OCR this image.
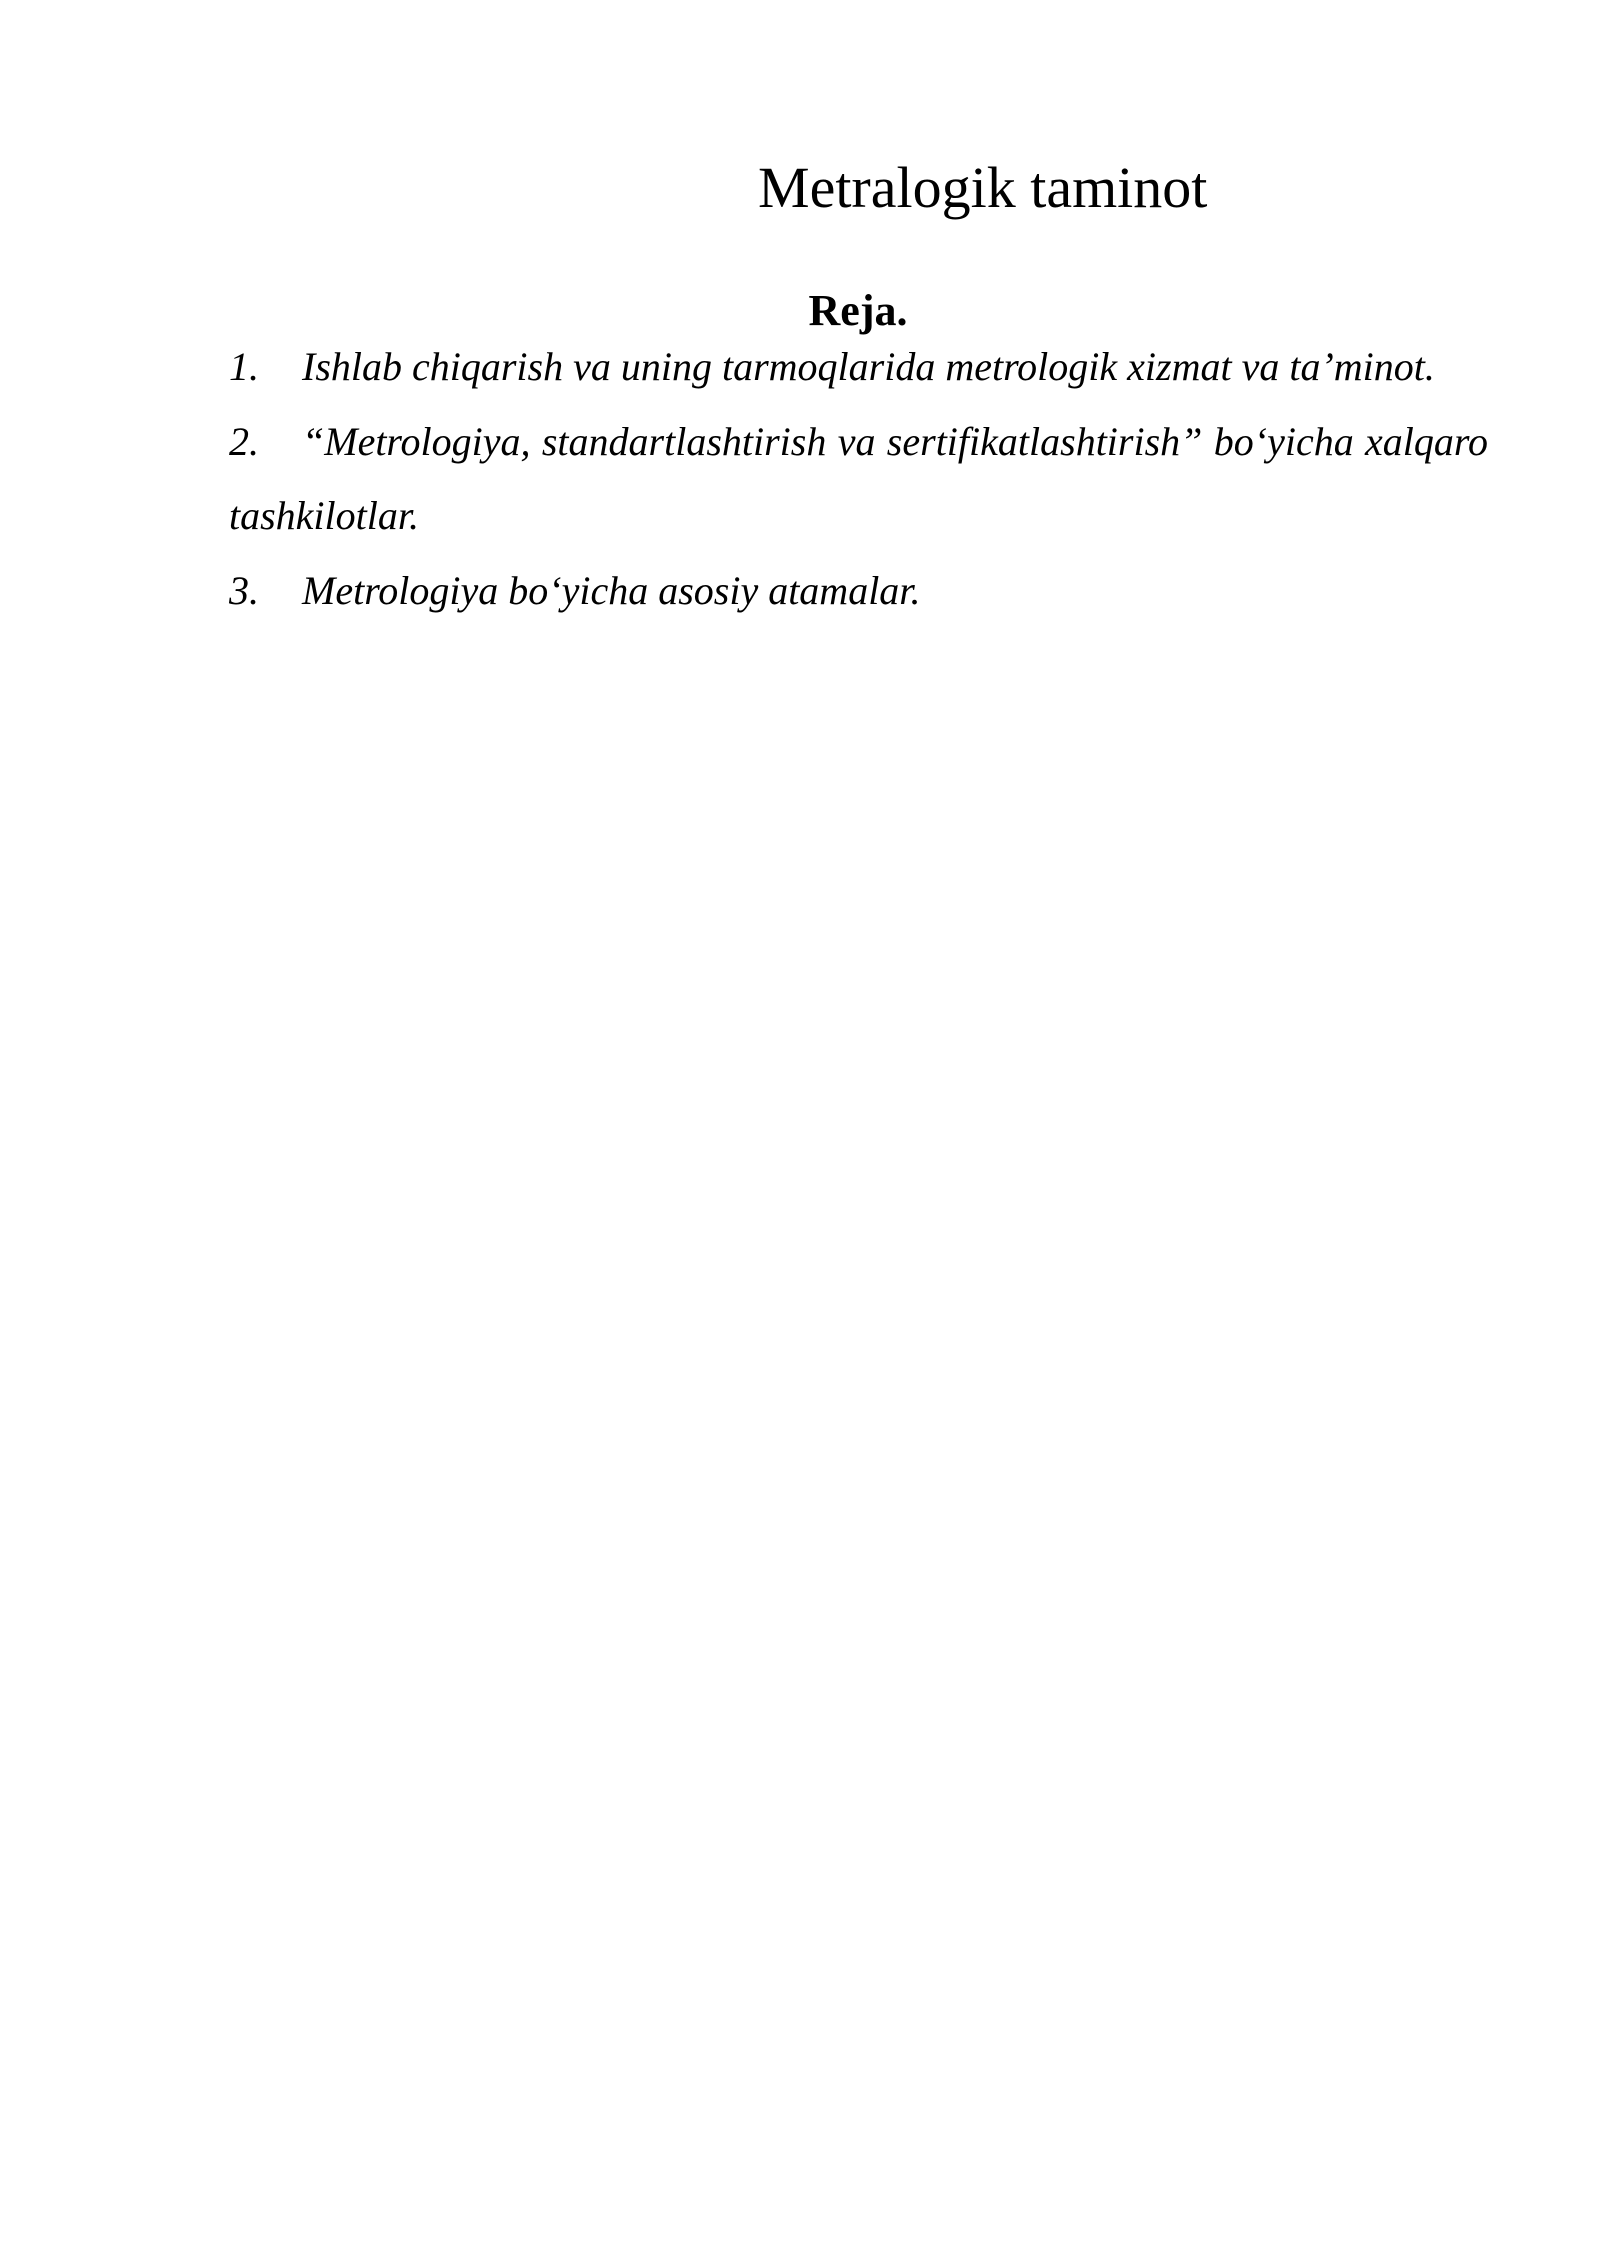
Metralogik taminot
Reja.
1. Ishlab chiqarish va uning tarmoqlarida metrologik xizmat va ta’minot.
2. “Metrologiya, standartlashtirish va sertifikatlashtirish” bo‘yicha xalqaro tashkilotlar.
3. Metrologiya bo‘yicha asosiy atamalar.
